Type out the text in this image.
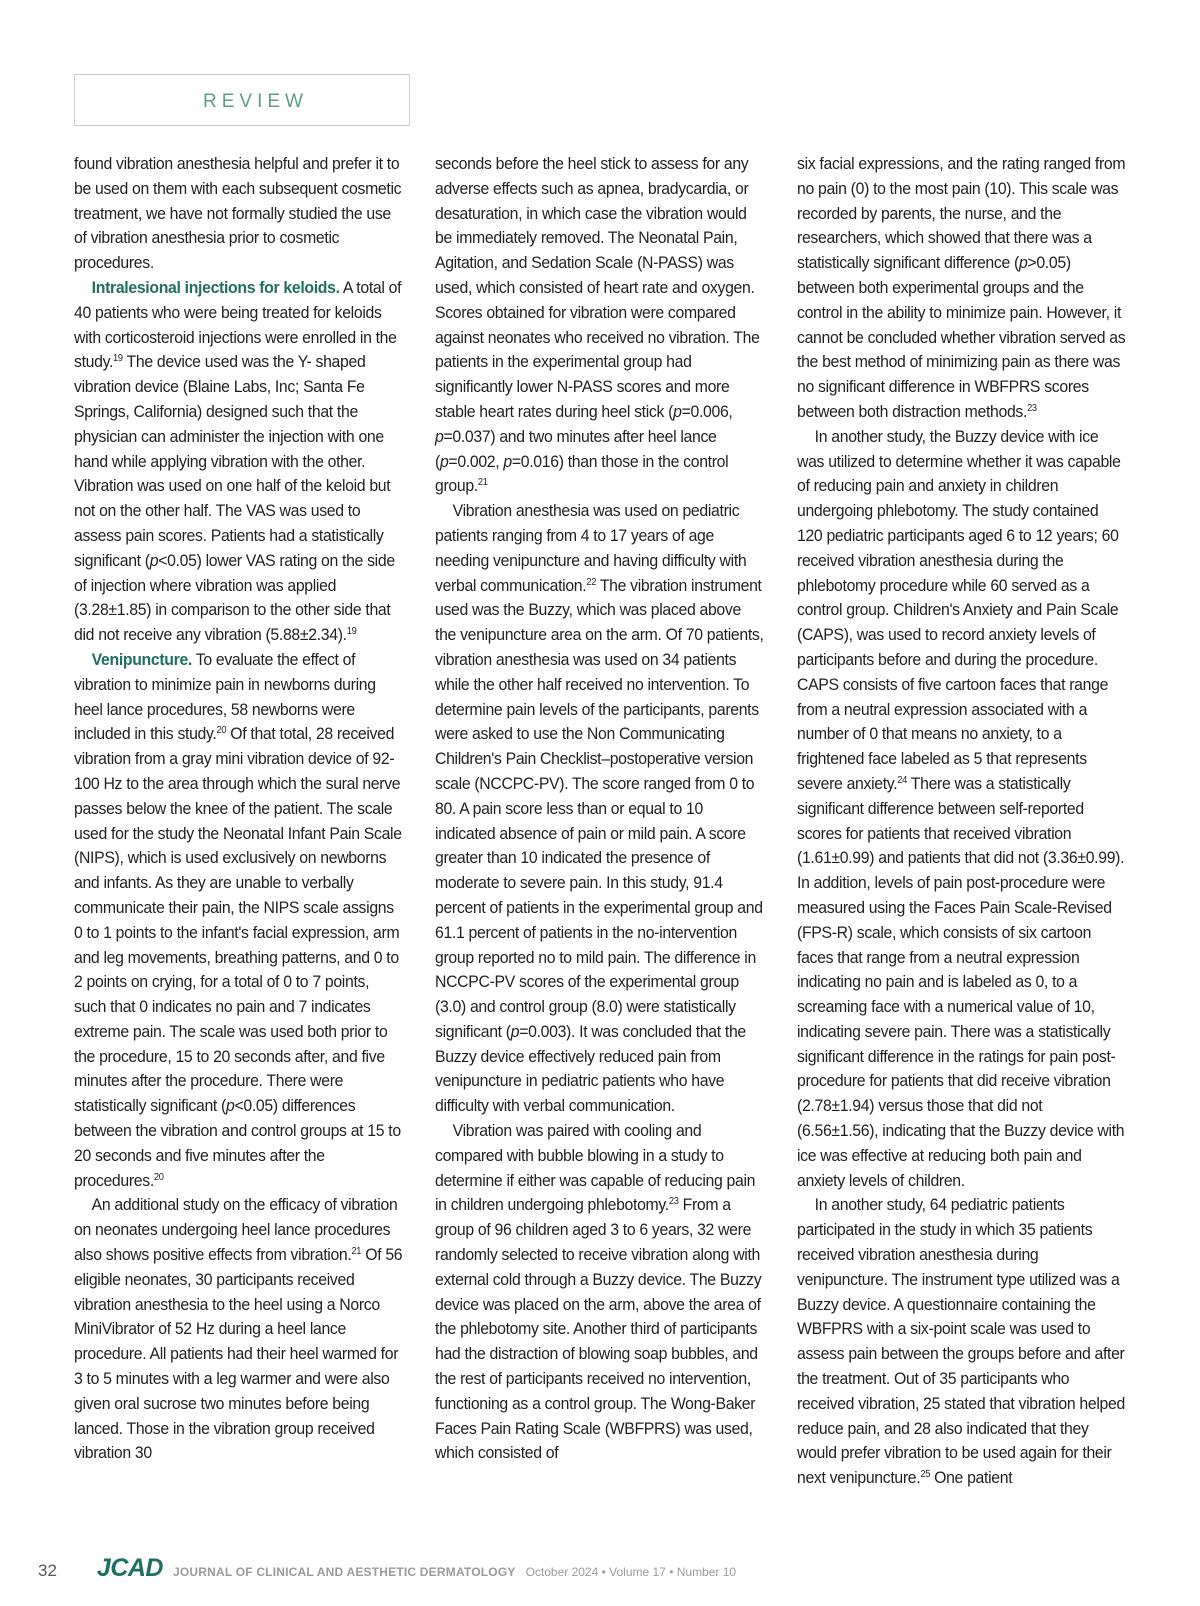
REVIEW

found vibration anesthesia helpful and prefer it to be used on them with each subsequent cosmetic treatment, we have not formally studied the use of vibration anesthesia prior to cosmetic procedures.

Intralesional injections for keloids. A total of 40 patients who were being treated for keloids with corticosteroid injections were enrolled in the study.$^{19}$ The device used was the Y- shaped vibration device (Blaine Labs, Inc; Santa Fe Springs, California) designed such that the physician can administer the injection with one hand while applying vibration with the other. Vibration was used on one half of the keloid but not on the other half. The VAS was used to assess pain scores. Patients had a statistically significant (p<0.05) lower VAS rating on the side of injection where vibration was applied (3.28±1.85) in comparison to the other side that did not receive any vibration (5.88±2.34).$^{19}$

Venipuncture. To evaluate the effect of vibration to minimize pain in newborns during heel lance procedures, 58 newborns were included in this study.$^{20}$ Of that total, 28 received vibration from a gray mini vibration device of 92-100 Hz to the area through which the sural nerve passes below the knee of the patient. The scale used for the study the Neonatal Infant Pain Scale (NIPS), which is used exclusively on newborns and infants. As they are unable to verbally communicate their pain, the NIPS scale assigns 0 to 1 points to the infant's facial expression, arm and leg movements, breathing patterns, and 0 to 2 points on crying, for a total of 0 to 7 points, such that 0 indicates no pain and 7 indicates extreme pain. The scale was used both prior to the procedure, 15 to 20 seconds after, and five minutes after the procedure. There were statistically significant (p<0.05) differences between the vibration and control groups at 15 to 20 seconds and five minutes after the procedures.$^{20}$

An additional study on the efficacy of vibration on neonates undergoing heel lance procedures also shows positive effects from vibration.$^{21}$ Of 56 eligible neonates, 30 participants received vibration anesthesia to the heel using a Norco MiniVibrator of 52 Hz during a heel lance procedure. All patients had their heel warmed for 3 to 5 minutes with a leg warmer and were also given oral sucrose two minutes before being lanced. Those in the vibration group received vibration 30

seconds before the heel stick to assess for any adverse effects such as apnea, bradycardia, or desaturation, in which case the vibration would be immediately removed. The Neonatal Pain, Agitation, and Sedation Scale (N-PASS) was used, which consisted of heart rate and oxygen. Scores obtained for vibration were compared against neonates who received no vibration. The patients in the experimental group had significantly lower N-PASS scores and more stable heart rates during heel stick (p=0.006, p=0.037) and two minutes after heel lance (p=0.002, p=0.016) than those in the control group.$^{21}$

Vibration anesthesia was used on pediatric patients ranging from 4 to 17 years of age needing venipuncture and having difficulty with verbal communication.$^{22}$ The vibration instrument used was the Buzzy, which was placed above the venipuncture area on the arm. Of 70 patients, vibration anesthesia was used on 34 patients while the other half received no intervention. To determine pain levels of the participants, parents were asked to use the Non Communicating Children's Pain Checklist–postoperative version scale (NCCPC-PV). The score ranged from 0 to 80. A pain score less than or equal to 10 indicated absence of pain or mild pain. A score greater than 10 indicated the presence of moderate to severe pain. In this study, 91.4 percent of patients in the experimental group and 61.1 percent of patients in the no-intervention group reported no to mild pain. The difference in NCCPC-PV scores of the experimental group (3.0) and control group (8.0) were statistically significant (p=0.003). It was concluded that the Buzzy device effectively reduced pain from venipuncture in pediatric patients who have difficulty with verbal communication.

Vibration was paired with cooling and compared with bubble blowing in a study to determine if either was capable of reducing pain in children undergoing phlebotomy.$^{23}$ From a group of 96 children aged 3 to 6 years, 32 were randomly selected to receive vibration along with external cold through a Buzzy device. The Buzzy device was placed on the arm, above the area of the phlebotomy site. Another third of participants had the distraction of blowing soap bubbles, and the rest of participants received no intervention, functioning as a control group. The Wong-Baker Faces Pain Rating Scale (WBFPRS) was used, which consisted of

six facial expressions, and the rating ranged from no pain (0) to the most pain (10). This scale was recorded by parents, the nurse, and the researchers, which showed that there was a statistically significant difference (p>0.05) between both experimental groups and the control in the ability to minimize pain. However, it cannot be concluded whether vibration served as the best method of minimizing pain as there was no significant difference in WBFPRS scores between both distraction methods.$^{23}$

In another study, the Buzzy device with ice was utilized to determine whether it was capable of reducing pain and anxiety in children undergoing phlebotomy. The study contained 120 pediatric participants aged 6 to 12 years; 60 received vibration anesthesia during the phlebotomy procedure while 60 served as a control group. Children's Anxiety and Pain Scale (CAPS), was used to record anxiety levels of participants before and during the procedure. CAPS consists of five cartoon faces that range from a neutral expression associated with a number of 0 that means no anxiety, to a frightened face labeled as 5 that represents severe anxiety.$^{24}$ There was a statistically significant difference between self-reported scores for patients that received vibration (1.61±0.99) and patients that did not (3.36±0.99). In addition, levels of pain post-procedure were measured using the Faces Pain Scale-Revised (FPS-R) scale, which consists of six cartoon faces that range from a neutral expression indicating no pain and is labeled as 0, to a screaming face with a numerical value of 10, indicating severe pain. There was a statistically significant difference in the ratings for pain post-procedure for patients that did receive vibration (2.78±1.94) versus those that did not (6.56±1.56), indicating that the Buzzy device with ice was effective at reducing both pain and anxiety levels of children.

In another study, 64 pediatric patients participated in the study in which 35 patients received vibration anesthesia during venipuncture. The instrument type utilized was a Buzzy device. A questionnaire containing the WBFPRS with a six-point scale was used to assess pain between the groups before and after the treatment. Out of 35 participants who received vibration, 25 stated that vibration helped reduce pain, and 28 also indicated that they would prefer vibration to be used again for their next venipuncture.$^{25}$ One patient

32 JCAD JOURNAL OF CLINICAL AND AESTHETIC DERMATOLOGY October 2024 • Volume 17 • Number 10
